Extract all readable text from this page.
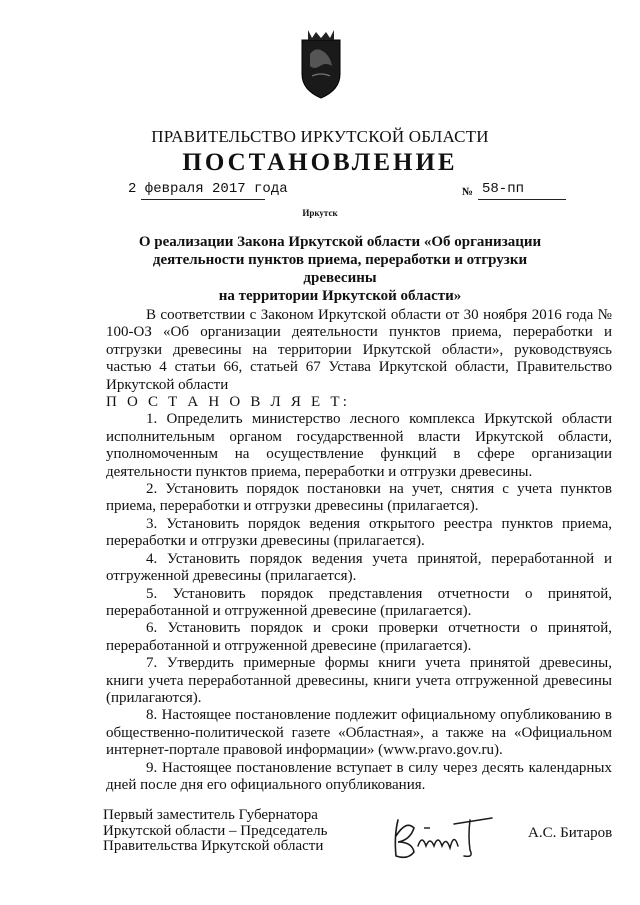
ПРАВИТЕЛЬСТВО ИРКУТСКОЙ ОБЛАСТИ
ПОСТАНОВЛЕНИЕ
2 февраля 2017 года	№ 58-пп
Иркутск
О реализации Закона Иркутской области «Об организации
деятельности пунктов приема, переработки и отгрузки древесины
на территории Иркутской области»

В соответствии с Законом Иркутской области от 30 ноября 2016 года № 100-ОЗ «Об организации деятельности пунктов приема, переработки и отгрузки древесины на территории Иркутской области», руководствуясь частью 4 статьи 66, статьей 67 Устава Иркутской области, Правительство Иркутской области

П О С Т А Н О В Л Я Е Т:

1. Определить министерство лесного комплекса Иркутской области исполнительным органом государственной власти Иркутской области, уполномоченным на осуществление функций в сфере организации деятельности пунктов приема, переработки и отгрузки древесины.

2. Установить порядок постановки на учет, снятия с учета пунктов приема, переработки и отгрузки древесины (прилагается).

3. Установить порядок ведения открытого реестра пунктов приема, переработки и отгрузки древесины (прилагается).

4. Установить порядок ведения учета принятой, переработанной и отгруженной древесины (прилагается).

5. Установить порядок представления отчетности о принятой, переработанной и отгруженной древесине (прилагается).

6. Установить порядок и сроки проверки отчетности о принятой, переработанной и отгруженной древесине (прилагается).

7. Утвердить примерные формы книги учета принятой древесины, книги учета переработанной древесины, книги учета отгруженной древесины (прилагаются).

8. Настоящее постановление подлежит официальному опубликованию в общественно-политической газете «Областная», а также на «Официальном интернет-портале правовой информации» (www.pravo.gov.ru).

9. Настоящее постановление вступает в силу через десять календарных дней после дня его официального опубликования.

Первый заместитель Губернатора
Иркутской области – Председатель
Правительства Иркутской области
А.С. Битаров
